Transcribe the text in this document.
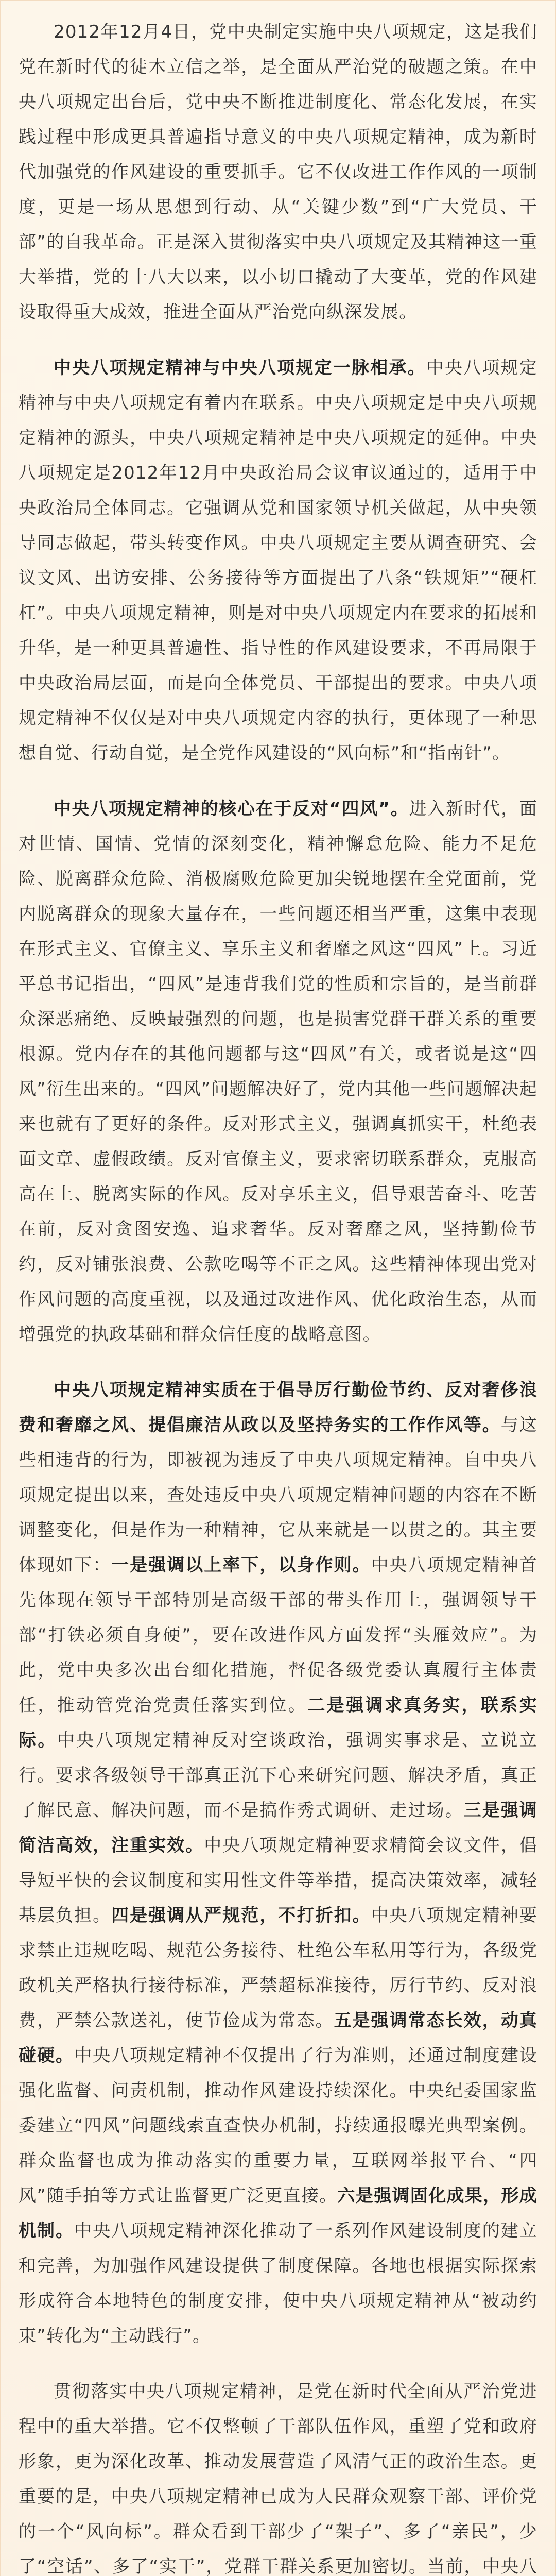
2012年12月4日，党中央制定实施中央八项规定，这是我们党在新时代的徒木立信之举，是全面从严治党的破题之策。在中央八项规定出台后，党中央不断推进制度化、常态化发展，在实践过程中形成更具普遍指导意义的中央八项规定精神，成为新时代加强党的作风建设的重要抓手。它不仅改进工作作风的一项制度，更是一场从思想到行动、从“关键少数”到“广大党员、干部”的自我革命。正是深入贯彻落实中央八项规定及其精神这一重大举措，党的十八大以来，以小切口撬动了大变革，党的作风建设取得重大成效，推进全面从严治党向纵深发展。

中央八项规定精神与中央八项规定一脉相承。中央八项规定精神与中央八项规定有着内在联系。中央八项规定是中央八项规定精神的源头，中央八项规定精神是中央八项规定的延伸。中央八项规定是2012年12月中央政治局会议审议通过的，适用于中央政治局全体同志。它强调从党和国家领导机关做起，从中央领导同志做起，带头转变作风。中央八项规定主要从调查研究、会议文风、出访安排、公务接待等方面提出了八条“铁规矩”“硬杠杠”。中央八项规定精神，则是对中央八项规定内在要求的拓展和升华，是一种更具普遍性、指导性的作风建设要求，不再局限于中央政治局层面，而是向全体党员、干部提出的要求。中央八项规定精神不仅仅是对中央八项规定内容的执行，更体现了一种思想自觉、行动自觉，是全党作风建设的“风向标”和“指南针”。

中央八项规定精神的核心在于反对“四风”。进入新时代，面对世情、国情、党情的深刻变化，精神懈怠危险、能力不足危险、脱离群众危险、消极腐败危险更加尖锐地摆在全党面前，党内脱离群众的现象大量存在，一些问题还相当严重，这集中表现在形式主义、官僚主义、享乐主义和奢靡之风这“四风”上。习近平总书记指出，“四风”是违背我们党的性质和宗旨的，是当前群众深恶痛绝、反映最强烈的问题，也是损害党群干群关系的重要根源。党内存在的其他问题都与这“四风”有关，或者说是这“四风”衍生出来的。“四风”问题解决好了，党内其他一些问题解决起来也就有了更好的条件。反对形式主义，强调真抓实干，杜绝表面文章、虚假政绩。反对官僚主义，要求密切联系群众，克服高高在上、脱离实际的作风。反对享乐主义，倡导艰苦奋斗、吃苦在前，反对贪图安逸、追求奢华。反对奢靡之风，坚持勤俭节约，反对铺张浪费、公款吃喝等不正之风。这些精神体现出党对作风问题的高度重视，以及通过改进作风、优化政治生态，从而增强党的执政基础和群众信任度的战略意图。

中央八项规定精神实质在于倡导厉行勤俭节约、反对奢侈浪费和奢靡之风、提倡廉洁从政以及坚持务实的工作作风等。与这些相违背的行为，即被视为违反了中央八项规定精神。自中央八项规定提出以来，查处违反中央八项规定精神问题的内容在不断调整变化，但是作为一种精神，它从来就是一以贯之的。其主要体现如下：一是强调以上率下，以身作则。中央八项规定精神首先体现在领导干部特别是高级干部的带头作用上，强调领导干部“打铁必须自身硬”，要在改进作风方面发挥“头雁效应”。为此，党中央多次出台细化措施，督促各级党委认真履行主体责任，推动管党治党责任落实到位。二是强调求真务实，联系实际。中央八项规定精神反对空谈政治，强调实事求是、立说立行。要求各级领导干部真正沉下心来研究问题、解决矛盾，真正了解民意、解决问题，而不是搞作秀式调研、走过场。三是强调简洁高效，注重实效。中央八项规定精神要求精简会议文件，倡导短平快的会议制度和实用性文件等举措，提高决策效率，减轻基层负担。四是强调从严规范，不打折扣。中央八项规定精神要求禁止违规吃喝、规范公务接待、杜绝公车私用等行为，各级党政机关严格执行接待标准，严禁超标准接待，厉行节约、反对浪费，严禁公款送礼，使节俭成为常态。五是强调常态长效，动真碰硬。中央八项规定精神不仅提出了行为准则，还通过制度建设强化监督、问责机制，推动作风建设持续深化。中央纪委国家监委建立“四风”问题线索直查快办机制，持续通报曝光典型案例。群众监督也成为推动落实的重要力量，互联网举报平台、“四风”随手拍等方式让监督更广泛更直接。六是强调固化成果，形成机制。中央八项规定精神深化推动了一系列作风建设制度的建立和完善，为加强作风建设提供了制度保障。各地也根据实际探索形成符合本地特色的制度安排，使中央八项规定精神从“被动约束”转化为“主动践行”。

贯彻落实中央八项规定精神，是党在新时代全面从严治党进程中的重大举措。它不仅整顿了干部队伍作风，重塑了党和政府形象，更为深化改革、推动发展营造了风清气正的政治生态。更重要的是，中央八项规定精神已成为人民群众观察干部、评价党的一个“风向标”。群众看到干部少了“架子”、多了“亲民”，少了“空话”、多了“实干”，党群干群关系更加密切。当前，中央八
